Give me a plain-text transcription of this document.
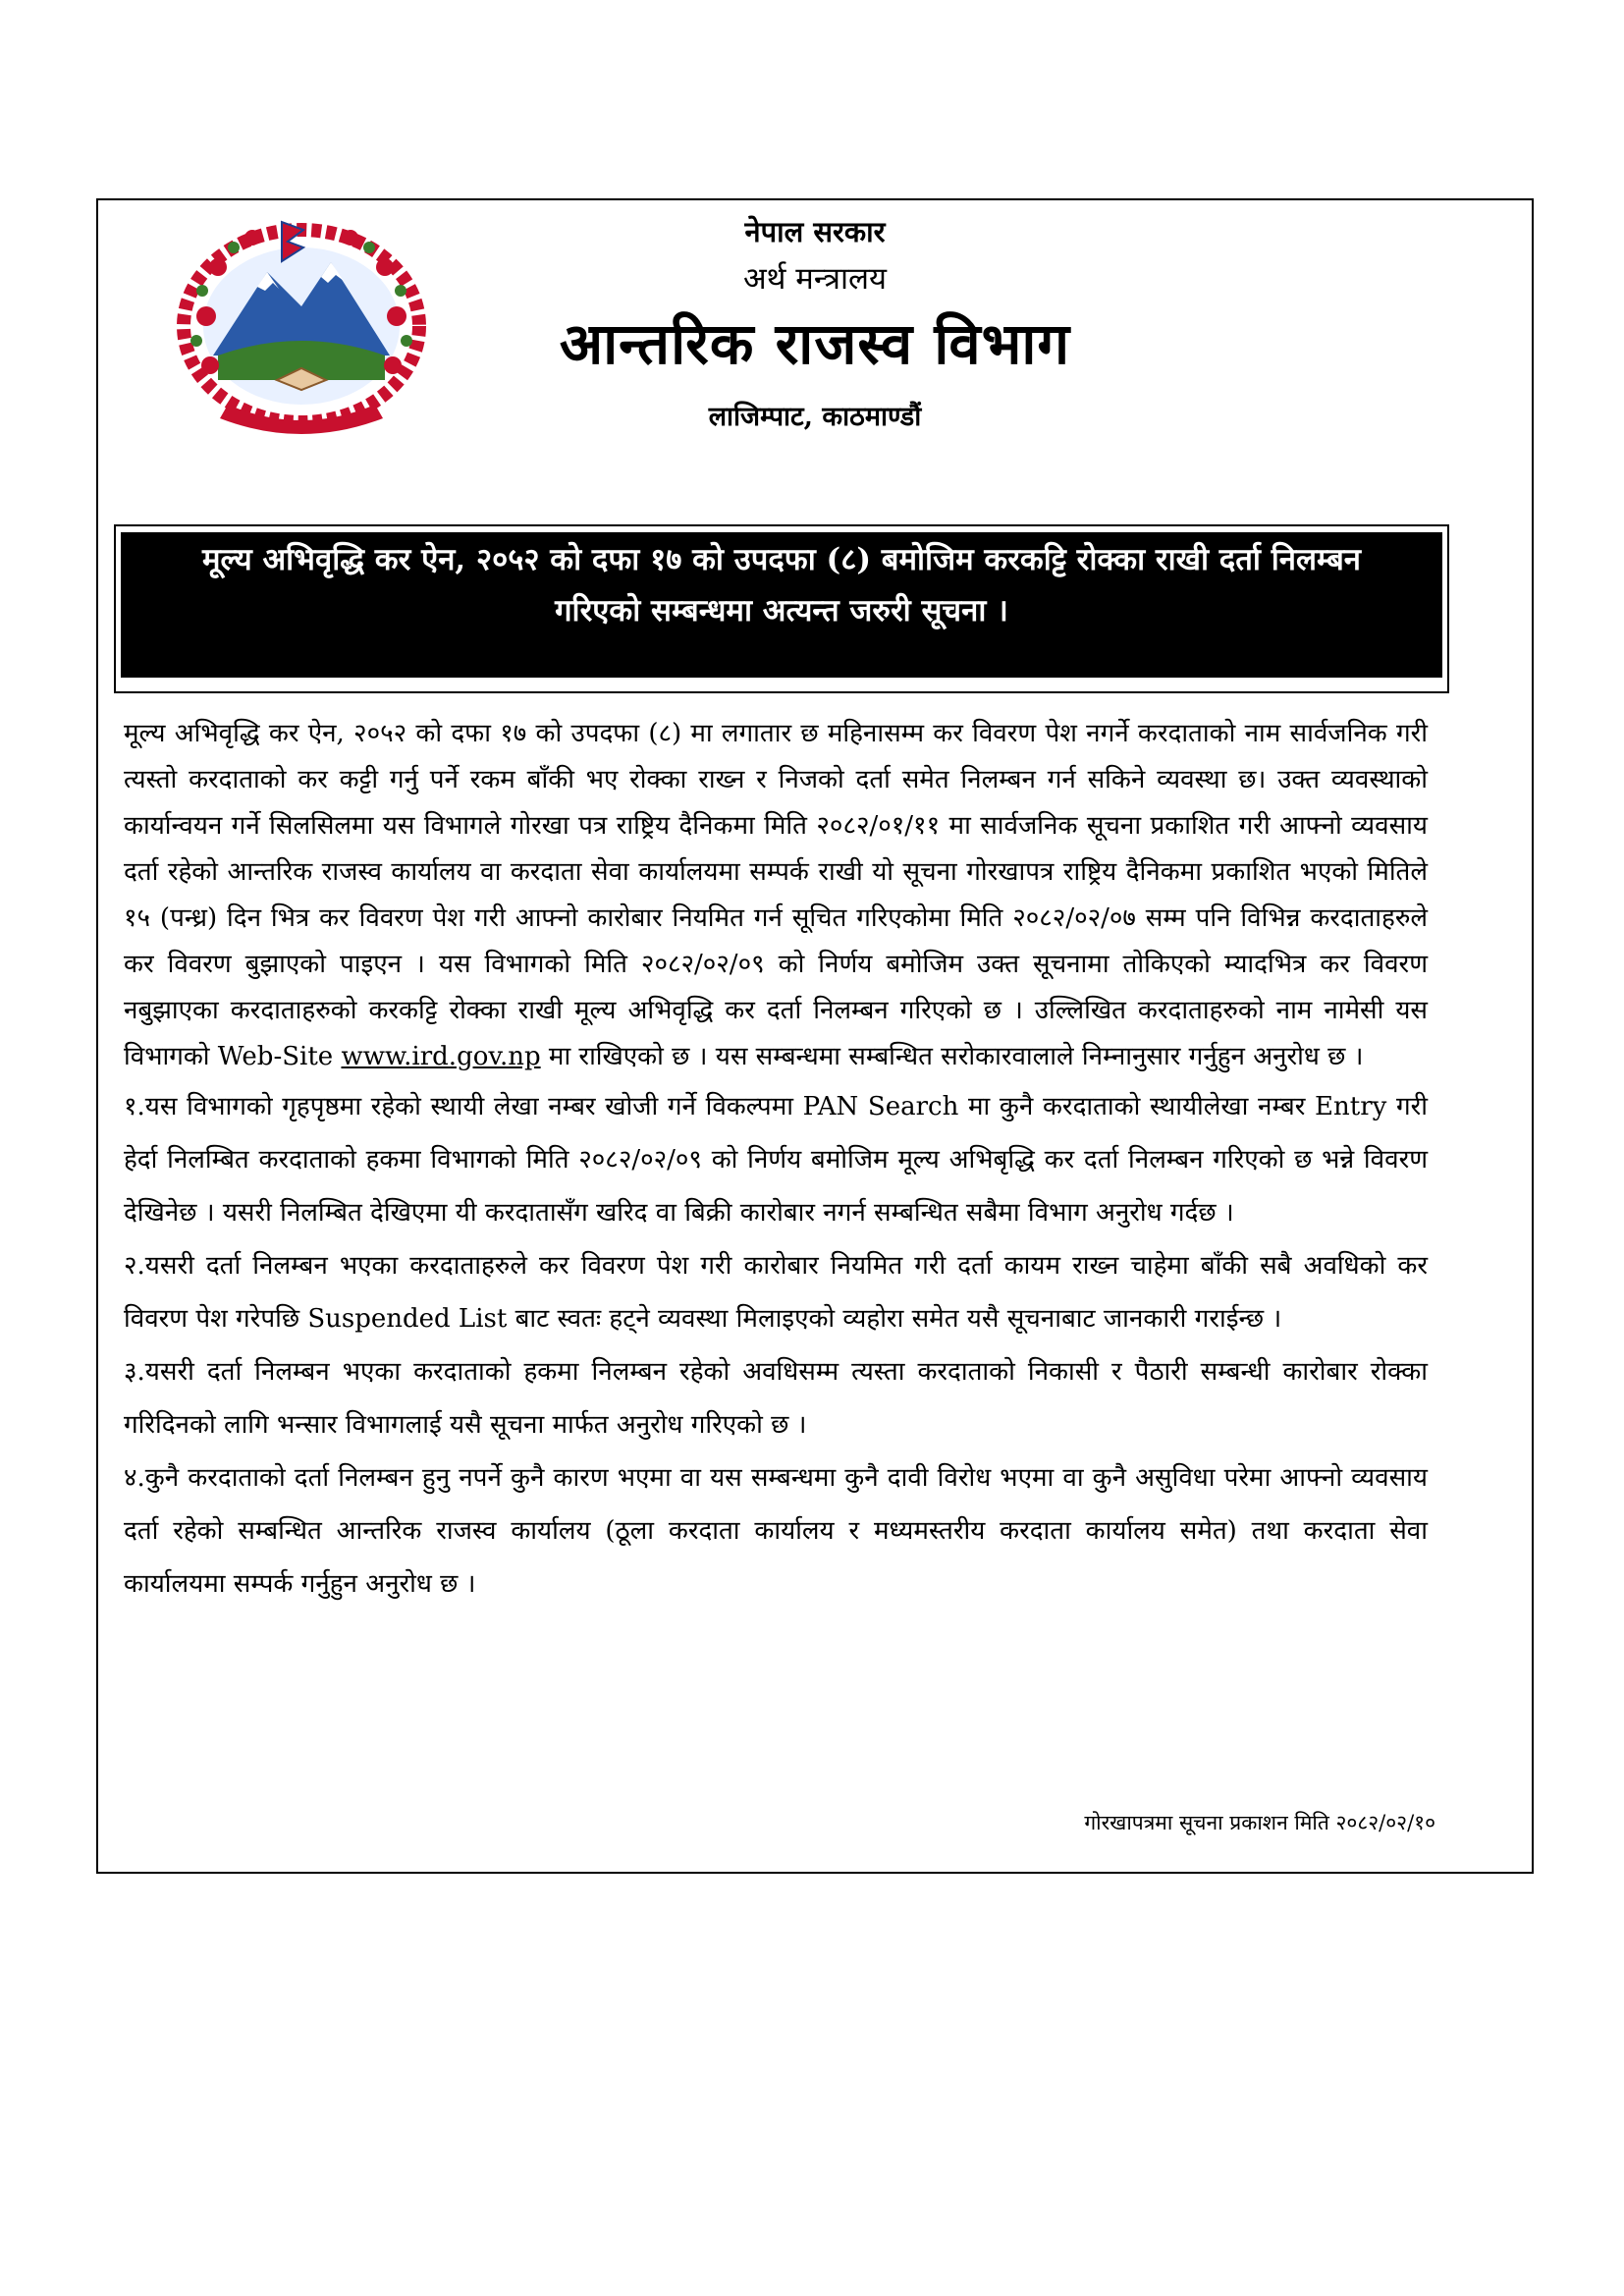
नेपाल सरकार
अर्थ मन्त्रालय
आन्तरिक राजस्व विभाग
लाजिम्पाट, काठमाण्डौं
मूल्य अभिवृद्धि कर ऐन, २०५२ को दफा १७ को उपदफा (८) बमोजिम करकट्टि रोक्का राखी दर्ता निलम्बन
गरिएको सम्बन्धमा अत्यन्त जरुरी सूचना ।

मूल्य अभिवृद्धि कर ऐन, २०५२ को दफा १७ को उपदफा (८) मा लगातार छ महिनासम्म कर विवरण पेश नगर्ने करदाताको नाम सार्वजनिक गरी त्यस्तो करदाताको कर कट्टी गर्नु पर्ने रकम बाँकी भए रोक्का राख्न र निजको दर्ता समेत निलम्बन गर्न सकिने व्यवस्था छ। उक्त व्यवस्थाको कार्यान्वयन गर्ने सिलसिलमा यस विभागले गोरखा पत्र राष्ट्रिय दैनिकमा मिति २०८२/०१/११ मा सार्वजनिक सूचना प्रकाशित गरी आफ्नो व्यवसाय दर्ता रहेको आन्तरिक राजस्व कार्यालय वा करदाता सेवा कार्यालयमा सम्पर्क राखी यो सूचना गोरखापत्र राष्ट्रिय दैनिकमा प्रकाशित भएको मितिले १५ (पन्ध्र) दिन भित्र कर विवरण पेश गरी आफ्नो कारोबार नियमित गर्न सूचित गरिएकोमा मिति २०८२/०२/०७ सम्म पनि विभिन्न करदाताहरुले कर विवरण बुझाएको पाइएन । यस विभागको मिति २०८२/०२/०९ को निर्णय बमोजिम उक्त सूचनामा तोकिएको म्यादभित्र कर विवरण नबुझाएका करदाताहरुको करकट्टि रोक्का राखी मूल्य अभिवृद्धि कर दर्ता निलम्बन गरिएको छ । उल्लिखित करदाताहरुको नाम नामेसी यस विभागको Web-Site www.ird.gov.np मा राखिएको छ । यस सम्बन्धमा सम्बन्धित सरोकारवालाले निम्नानुसार गर्नुहुन अनुरोध छ ।

१.यस विभागको गृहपृष्ठमा रहेको स्थायी लेखा नम्बर खोजी गर्ने विकल्पमा PAN Search मा कुनै करदाताको स्थायीलेखा नम्बर Entry गरी हेर्दा निलम्बित करदाताको हकमा विभागको मिति २०८२/०२/०९ को निर्णय बमोजिम मूल्य अभिबृद्धि कर दर्ता निलम्बन गरिएको छ भन्ने विवरण देखिनेछ । यसरी निलम्बित देखिएमा यी करदातासँग खरिद वा बिक्री कारोबार नगर्न सम्बन्धित सबैमा विभाग अनुरोध गर्दछ ।

२.यसरी दर्ता निलम्बन भएका करदाताहरुले कर विवरण पेश गरी कारोबार नियमित गरी दर्ता कायम राख्न चाहेमा बाँकी सबै अवधिको कर विवरण पेश गरेपछि Suspended List बाट स्वतः हट्ने व्यवस्था मिलाइएको व्यहोरा समेत यसै सूचनाबाट जानकारी गराईन्छ ।

३.यसरी दर्ता निलम्बन भएका करदाताको हकमा निलम्बन रहेको अवधिसम्म त्यस्ता करदाताको निकासी र पैठारी सम्बन्धी कारोबार रोक्का गरिदिनको लागि भन्सार विभागलाई यसै सूचना मार्फत अनुरोध गरिएको छ ।

४.कुनै करदाताको दर्ता निलम्बन हुनु नपर्ने कुनै कारण भएमा वा यस सम्बन्धमा कुनै दावी विरोध भएमा वा कुनै असुविधा परेमा आफ्नो व्यवसाय दर्ता रहेको सम्बन्धित आन्तरिक राजस्व कार्यालय (ठूला करदाता कार्यालय र मध्यमस्तरीय करदाता कार्यालय समेत) तथा करदाता सेवा कार्यालयमा सम्पर्क गर्नुहुन अनुरोध छ ।

गोरखापत्रमा सूचना प्रकाशन मिति २०८२/०२/१०
